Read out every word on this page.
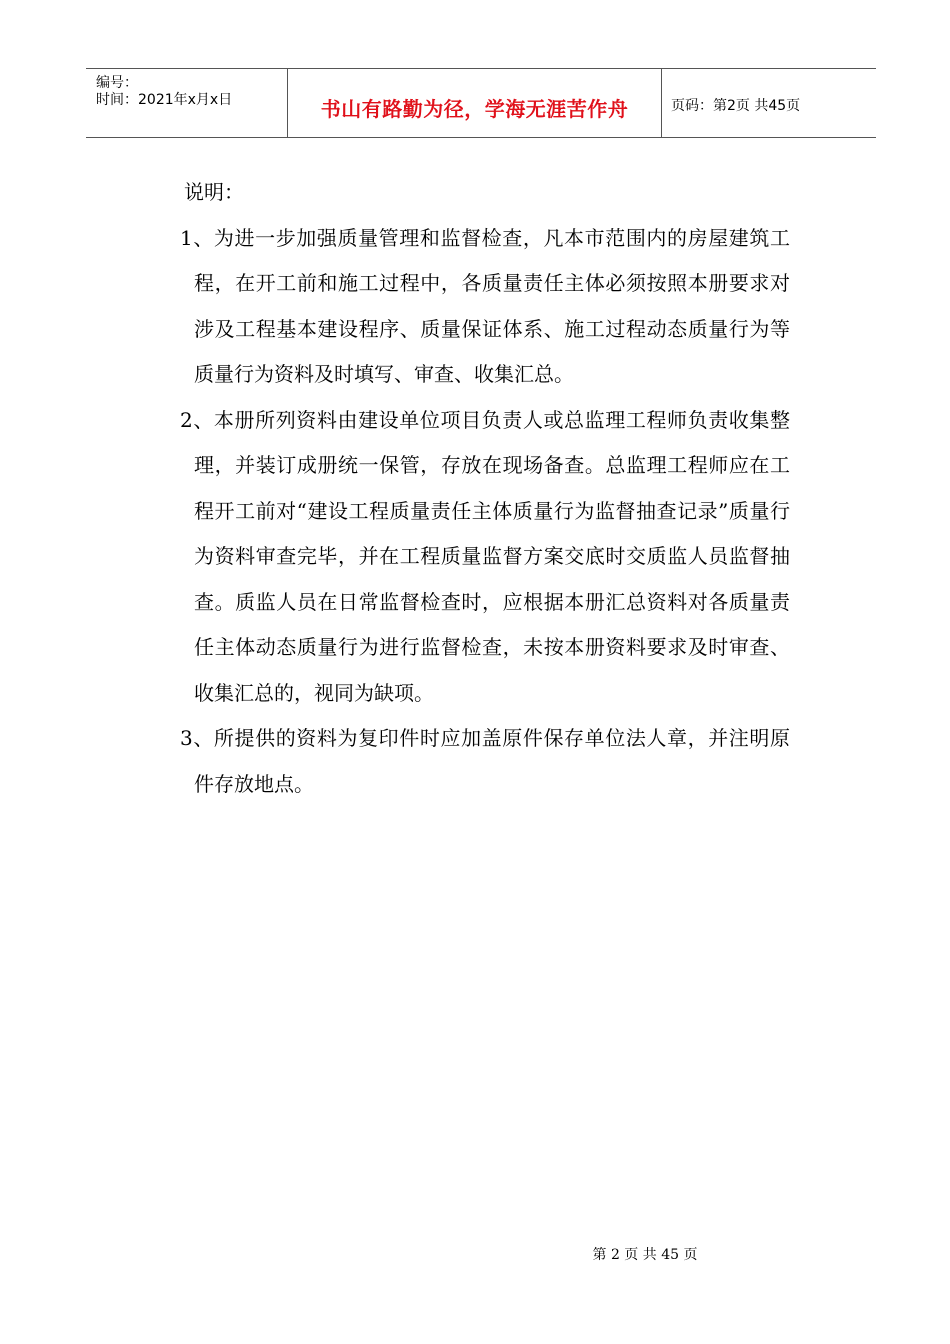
编号：
时间：2021年x月x日	书山有路勤为径，学海无涯苦作舟	页码：第2页 共45页

说明：

1、为进一步加强质量管理和监督检查，凡本市范围内的房屋建筑工程，在开工前和施工过程中，各质量责任主体必须按照本册要求对涉及工程基本建设程序、质量保证体系、施工过程动态质量行为等质量行为资料及时填写、审查、收集汇总。

2、本册所列资料由建设单位项目负责人或总监理工程师负责收集整理，并装订成册统一保管，存放在现场备查。总监理工程师应在工程开工前对“建设工程质量责任主体质量行为监督抽查记录”质量行为资料审查完毕，并在工程质量监督方案交底时交质监人员监督抽查。质监人员在日常监督检查时，应根据本册汇总资料对各质量责任主体动态质量行为进行监督检查，未按本册资料要求及时审查、收集汇总的，视同为缺项。

3、所提供的资料为复印件时应加盖原件保存单位法人章，并注明原件存放地点。

第 2 页 共 45 页
